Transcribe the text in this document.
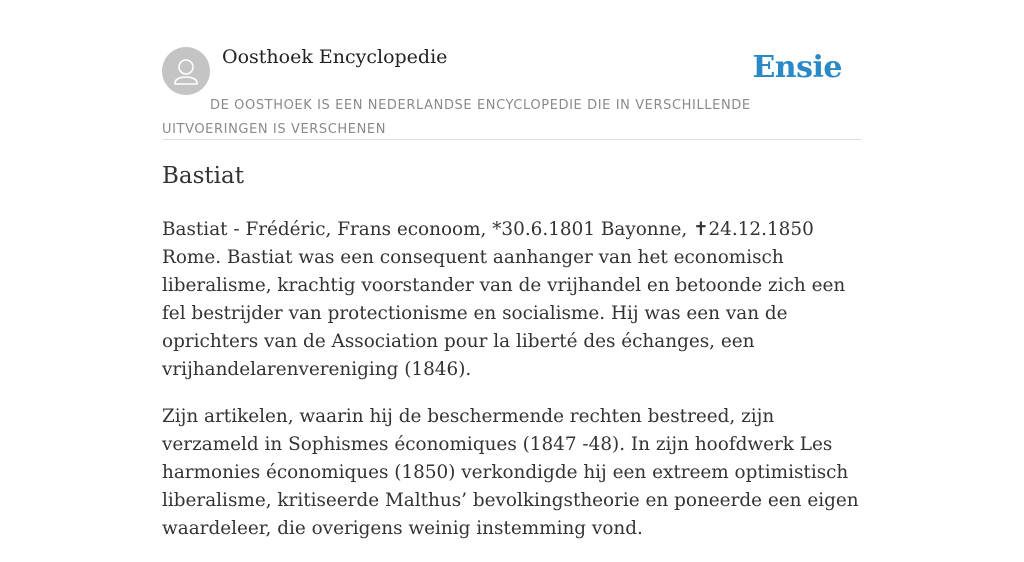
Oosthoek Encyclopedie	Ensie
DE OOSTHOEK IS EEN NEDERLANDSE ENCYCLOPEDIE DIE IN VERSCHILLENDE UITVOERINGEN IS VERSCHENEN
Bastiat

Bastiat - Frédéric, Frans econoom, *30.6.1801 Bayonne, ✝24.12.1850 Rome. Bastiat was een consequent aanhanger van het economisch liberalisme, krachtig voorstander van de vrijhandel en betoonde zich een fel bestrijder van protectionisme en socialisme. Hij was een van de oprichters van de Association pour la liberté des échanges, een vrijhandelarenvereniging (1846).

Zijn artikelen, waarin hij de beschermende rechten bestreed, zijn verzameld in Sophismes économiques (1847 -48). In zijn hoofdwerk Les harmonies économiques (1850) verkondigde hij een extreem optimistisch liberalisme, kritiseerde Malthus’ bevolkingstheorie en poneerde een eigen waardeleer, die overigens weinig instemming vond.
